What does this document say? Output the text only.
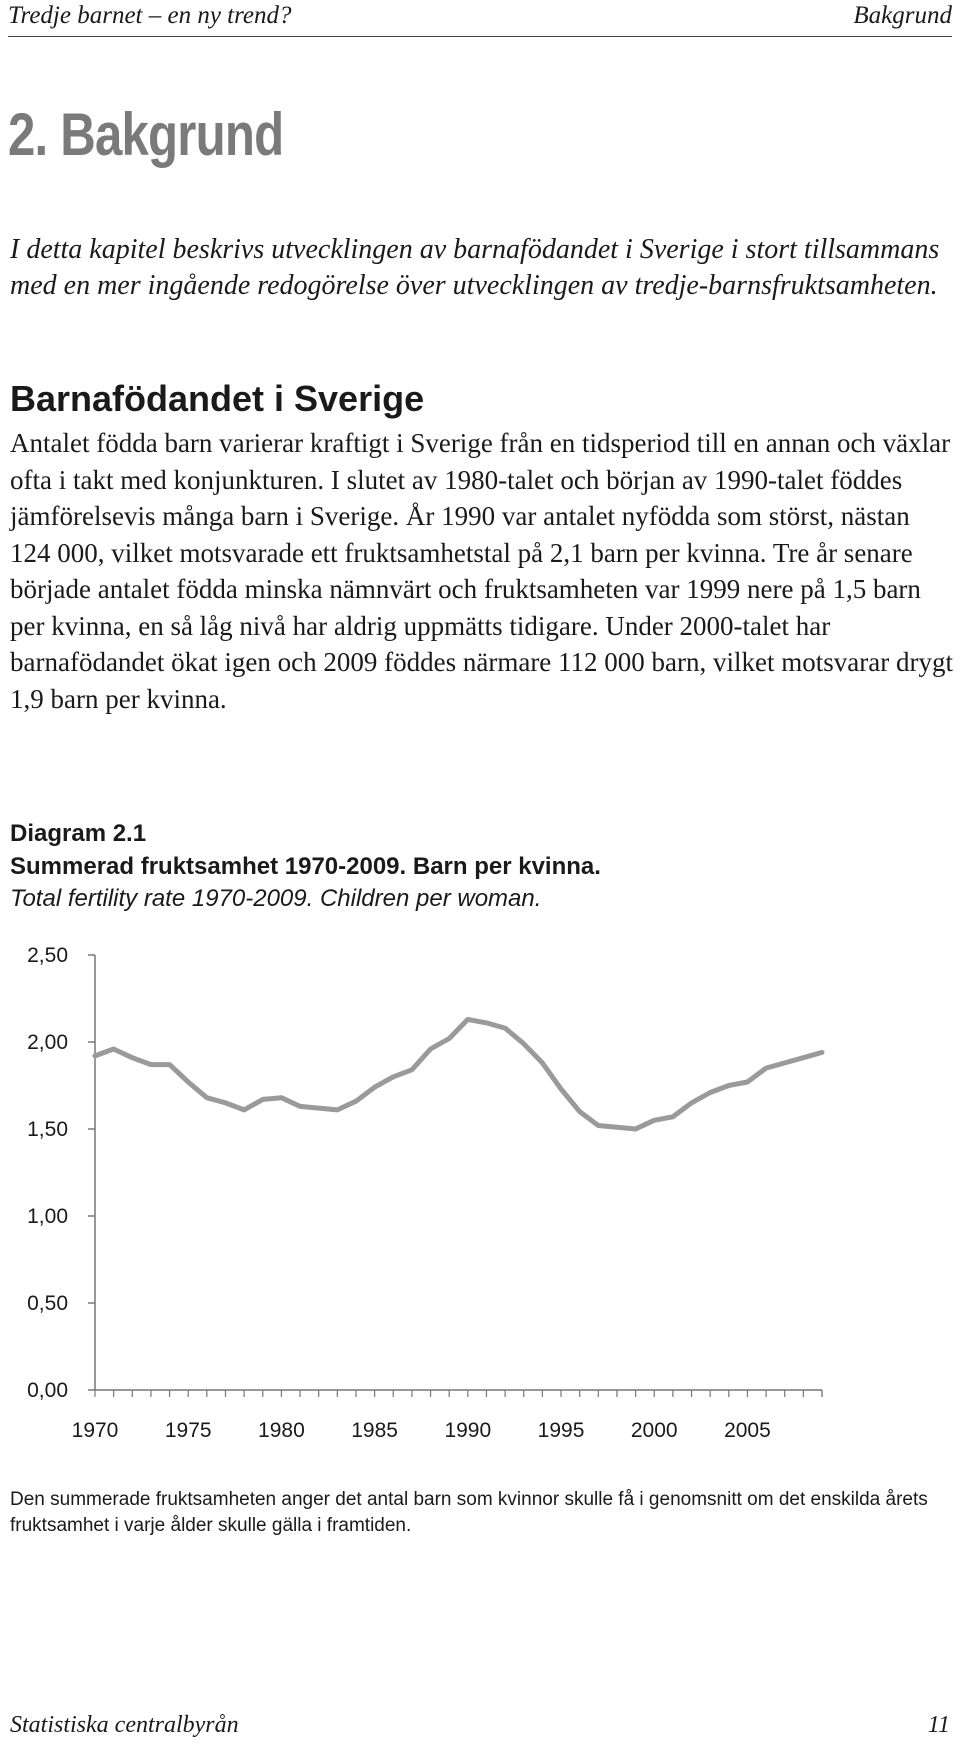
Tredje barnet – en ny trend?	Bakgrund
2. Bakgrund
I detta kapitel beskrivs utvecklingen av barnafödandet i Sverige i stort tillsammans med en mer ingående redogörelse över utvecklingen av tredje-barnsfruktsamheten.
Barnafödandet i Sverige
Antalet födda barn varierar kraftigt i Sverige från en tidsperiod till en annan och växlar ofta i takt med konjunkturen. I slutet av 1980-talet och början av 1990-talet föddes jämförelsevis många barn i Sverige. År 1990 var antalet nyfödda som störst, nästan 124 000, vilket motsvarade ett fruktsamhetstal på 2,1 barn per kvinna. Tre år senare började antalet födda minska nämnvärt och fruktsamheten var 1999 nere på 1,5 barn per kvinna, en så låg nivå har aldrig uppmätts tidigare. Under 2000-talet har barnafödandet ökat igen och 2009 föddes närmare 112 000 barn, vilket motsvarar drygt 1,9 barn per kvinna.
Diagram 2.1
Summerad fruktsamhet 1970-2009. Barn per kvinna.
Total fertility rate 1970-2009. Children per woman.
0,00
0,50
1,00
1,50
2,00
2,50
1970 1975 1980 1985 1990 1995 2000 2005
Den summerade fruktsamheten anger det antal barn som kvinnor skulle få i genomsnitt om det enskilda årets fruktsamhet i varje ålder skulle gälla i framtiden.
Statistiska centralbyrån	11
